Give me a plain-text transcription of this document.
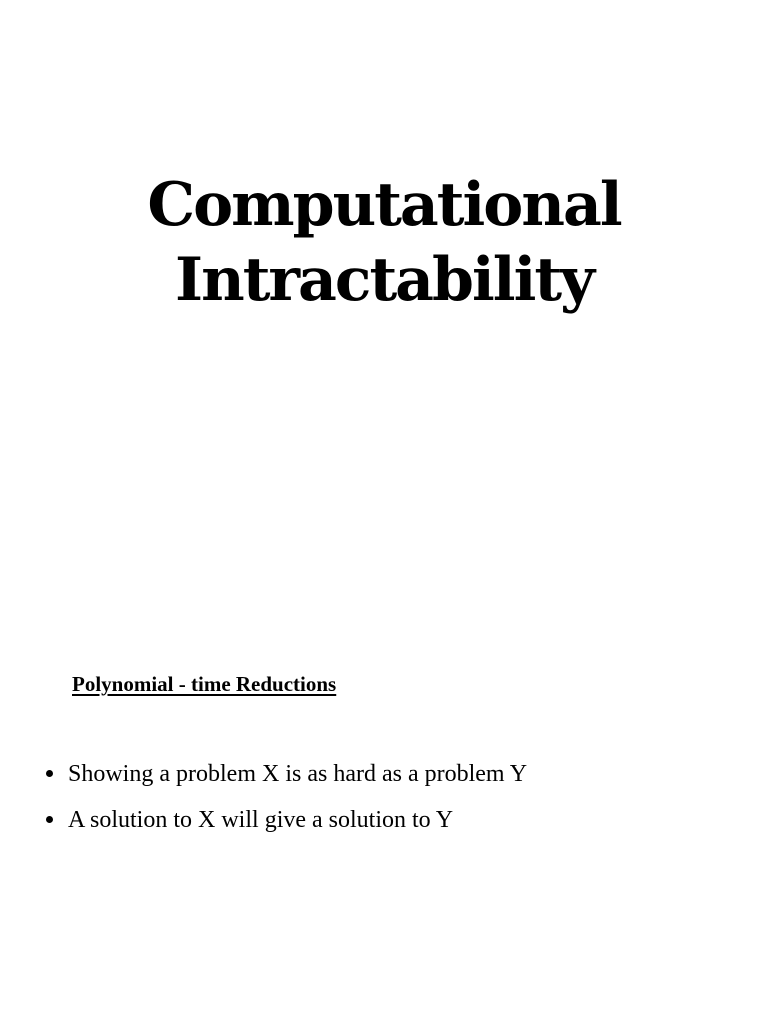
Computational
Intractability

Polynomial - time Reductions

Showing a problem X is as hard as a problem Y
A solution to X will give a solution to Y
